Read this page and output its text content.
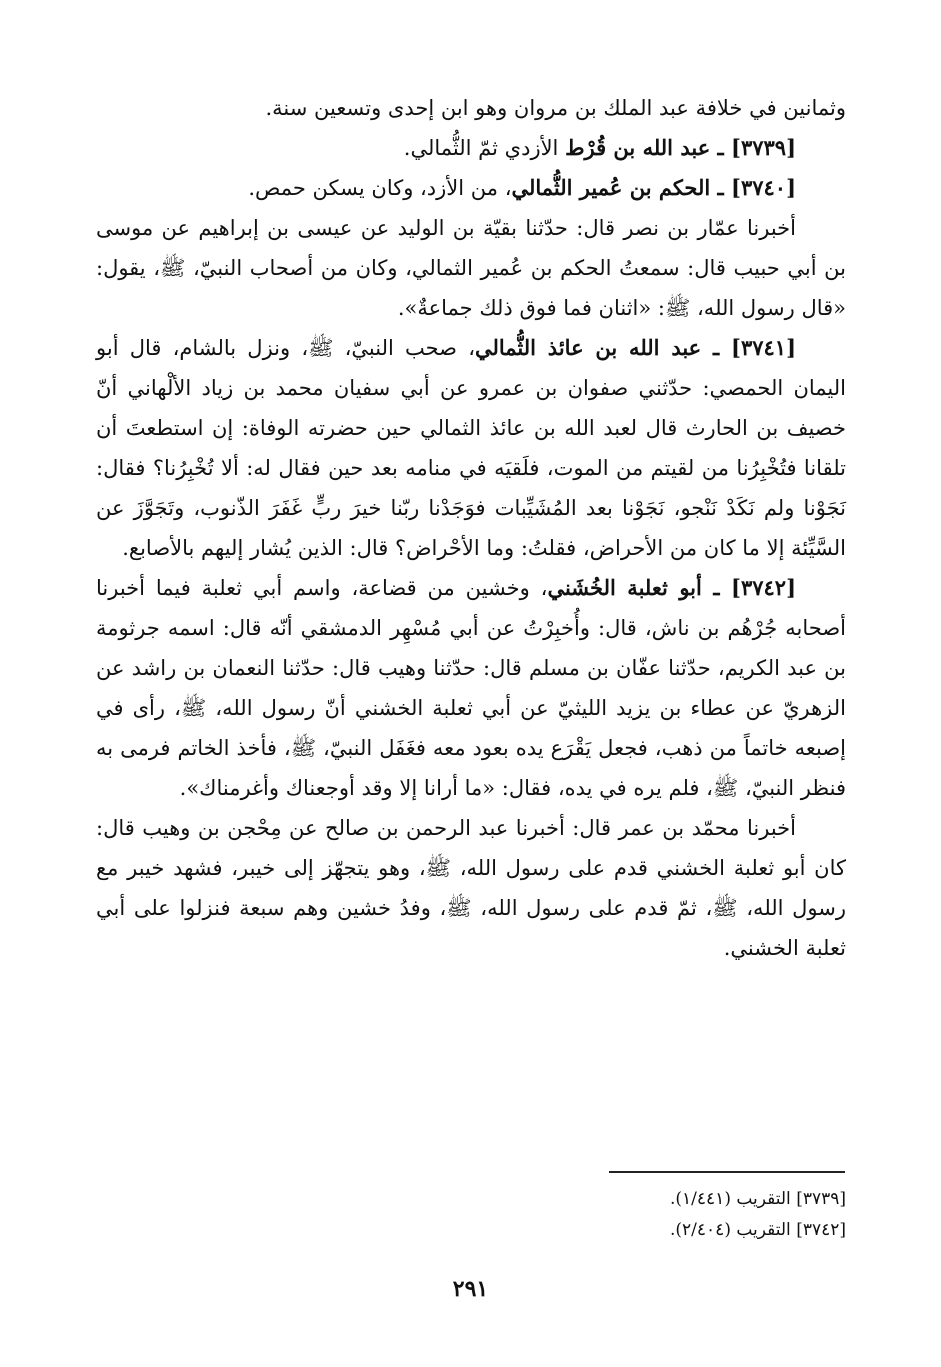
وثمانين في خلافة عبد الملك بن مروان وهو ابن إحدى وتسعين سنة.

[٣٧٣٩] ـ عبد الله بن قُرْط الأزدي ثمّ الثُّمالي.

[٣٧٤٠] ـ الحكم بن عُمير الثُّمالي، من الأزد، وكان يسكن حمص.

أخبرنا عمّار بن نصر قال: حدّثنا بقيّة بن الوليد عن عيسى بن إبراهيم عن موسى بن أبي حبيب قال: سمعتُ الحكم بن عُمير الثمالي، وكان من أصحاب النبيّ، ﷺ، يقول: «قال رسول الله، ﷺ: «اثنان فما فوق ذلك جماعةٌ».

[٣٧٤١] ـ عبد الله بن عائذ الثُّمالي، صحب النبيّ، ﷺ، ونزل بالشام، قال أبو اليمان الحمصي: حدّثني صفوان بن عمرو عن أبي سفيان محمد بن زياد الألْهاني أنّ خصيف بن الحارث قال لعبد الله بن عائذ الثمالي حين حضرته الوفاة: إن استطعتَ أن تلقانا فتُخْبِرُنا من لقيتم من الموت، فلَقيَه في منامه بعد حين فقال له: ألا تُخْبِرُنا؟ فقال: نَجَوْنا ولم نَكَدْ نَنْجو، نَجَوْنا بعد المُشَيِّبات فوَجَدْنا ربّنا خيرَ ربٍّ غَفَرَ الذّنوب، وتَجَوَّزَ عن السَّيِّئة إلا ما كان من الأحراض، فقلتُ: وما الأحْراض؟ قال: الذين يُشار إليهم بالأصابع.

[٣٧٤٢] ـ أبو ثعلبة الخُشَني، وخشين من قضاعة، واسم أبي ثعلبة فيما أخبرنا أصحابه جُرْهُم بن ناش، قال: وأُخبِرْتُ عن أبي مُسْهِر الدمشقي أنّه قال: اسمه جرثومة بن عبد الكريم، حدّثنا عفّان بن مسلم قال: حدّثنا وهيب قال: حدّثنا النعمان بن راشد عن الزهريّ عن عطاء بن يزيد الليثيّ عن أبي ثعلبة الخشني أنّ رسول الله، ﷺ، رأى في إصبعه خاتماً من ذهب، فجعل يَقْرَع يده بعود معه فغَفَل النبيّ، ﷺ، فأخذ الخاتم فرمى به فنظر النبيّ، ﷺ، فلم يره في يده، فقال: «ما أرانا إلا وقد أوجعناك وأغرمناك».

أخبرنا محمّد بن عمر قال: أخبرنا عبد الرحمن بن صالح عن مِحْجن بن وهيب قال: كان أبو ثعلبة الخشني قدم على رسول الله، ﷺ، وهو يتجهّز إلى خيبر، فشهد خيبر مع رسول الله، ﷺ، ثمّ قدم على رسول الله، ﷺ، وفدُ خشين وهم سبعة فنزلوا على أبي ثعلبة الخشني.

[٣٧٣٩] التقريب (١/٤٤١).
[٣٧٤٢] التقريب (٢/٤٠٤).
٢٩١
